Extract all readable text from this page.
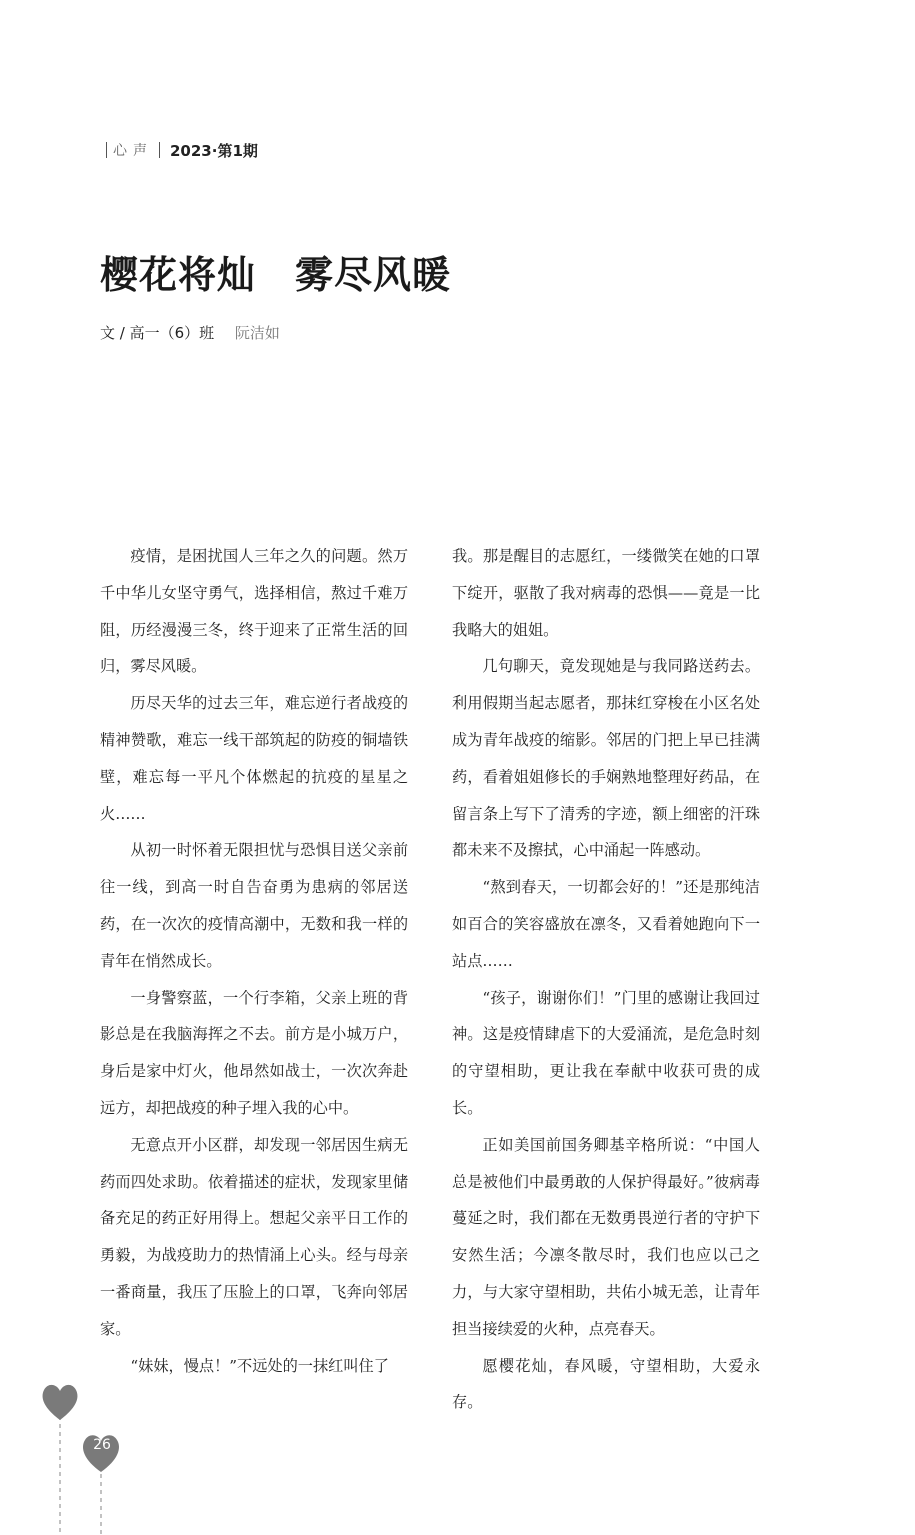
心声 2023·第1期
樱花将灿　雾尽风暖
文 / 高一（6）班 阮洁如

疫情，是困扰国人三年之久的问题。然万千中华儿女坚守勇气，选择相信，熬过千难万阻，历经漫漫三冬，终于迎来了正常生活的回归，雾尽风暖。

历尽天华的过去三年，难忘逆行者战疫的精神赞歌，难忘一线干部筑起的防疫的铜墙铁壁，难忘每一平凡个体燃起的抗疫的星星之火……

从初一时怀着无限担忧与恐惧目送父亲前往一线，到高一时自告奋勇为患病的邻居送药，在一次次的疫情高潮中，无数和我一样的青年在悄然成长。

一身警察蓝，一个行李箱，父亲上班的背影总是在我脑海挥之不去。前方是小城万户，身后是家中灯火，他昂然如战士，一次次奔赴远方，却把战疫的种子埋入我的心中。

无意点开小区群，却发现一邻居因生病无药而四处求助。依着描述的症状，发现家里储备充足的药正好用得上。想起父亲平日工作的勇毅，为战疫助力的热情涌上心头。经与母亲一番商量，我压了压脸上的口罩，飞奔向邻居家。

“妹妹，慢点！”不远处的一抹红叫住了

我。那是醒目的志愿红，一缕微笑在她的口罩下绽开，驱散了我对病毒的恐惧——竟是一比我略大的姐姐。

几句聊天，竟发现她是与我同路送药去。利用假期当起志愿者，那抹红穿梭在小区名处成为青年战疫的缩影。邻居的门把上早已挂满药，看着姐姐修长的手娴熟地整理好药品，在留言条上写下了清秀的字迹，额上细密的汗珠都未来不及擦拭，心中涌起一阵感动。

“熬到春天，一切都会好的！”还是那纯洁如百合的笑容盛放在凛冬，又看着她跑向下一站点……

“孩子，谢谢你们！”门里的感谢让我回过神。这是疫情肆虐下的大爱涌流，是危急时刻的守望相助，更让我在奉献中收获可贵的成长。

正如美国前国务卿基辛格所说：“中国人总是被他们中最勇敢的人保护得最好。”彼病毒蔓延之时，我们都在无数勇畏逆行者的守护下安然生活；今凛冬散尽时，我们也应以己之力，与大家守望相助，共佑小城无恙，让青年担当接续爱的火种，点亮春天。

愿樱花灿，春风暖，守望相助，大爱永存。

26
